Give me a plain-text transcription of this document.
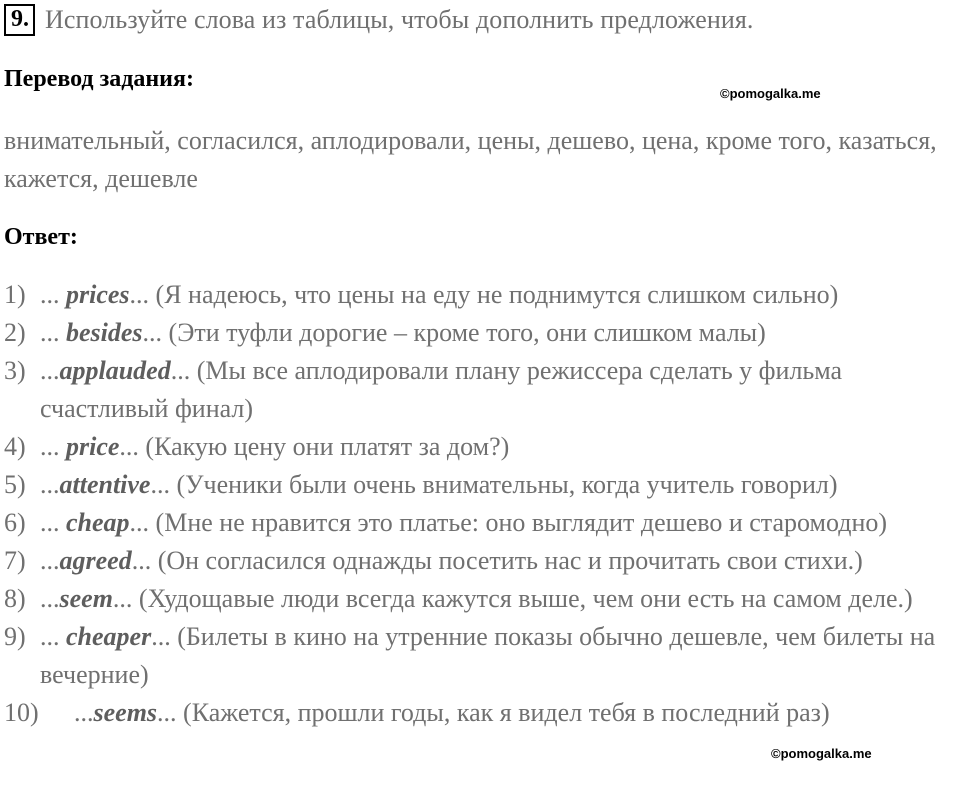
9. Используйте слова из таблицы, чтобы дополнить предложения.
Перевод задания:
©pomogalka.me
внимательный, согласился, аплодировали, цены, дешево, цена, кроме того, казаться, кажется, дешевле
Ответ:
1) ... prices... (Я надеюсь, что цены на еду не поднимутся слишком сильно)
2) ... besides... (Эти туфли дорогие – кроме того, они слишком малы)
3) ...applauded... (Мы все аплодировали плану режиссера сделать у фильма счастливый финал)
4) ... price... (Какую цену они платят за дом?)
5) ...attentive... (Ученики были очень внимательны, когда учитель говорил)
6) ... cheap... (Мне не нравится это платье: оно выглядит дешево и старомодно)
7) ...agreed... (Он согласился однажды посетить нас и прочитать свои стихи.)
8) ...seem... (Худощавые люди всегда кажутся выше, чем они есть на самом деле.)
9) ... cheaper... (Билеты в кино на утренние показы обычно дешевле, чем билеты на вечерние)
10)	...seems... (Кажется, прошли годы, как я видел тебя в последний раз)
©pomogalka.me
